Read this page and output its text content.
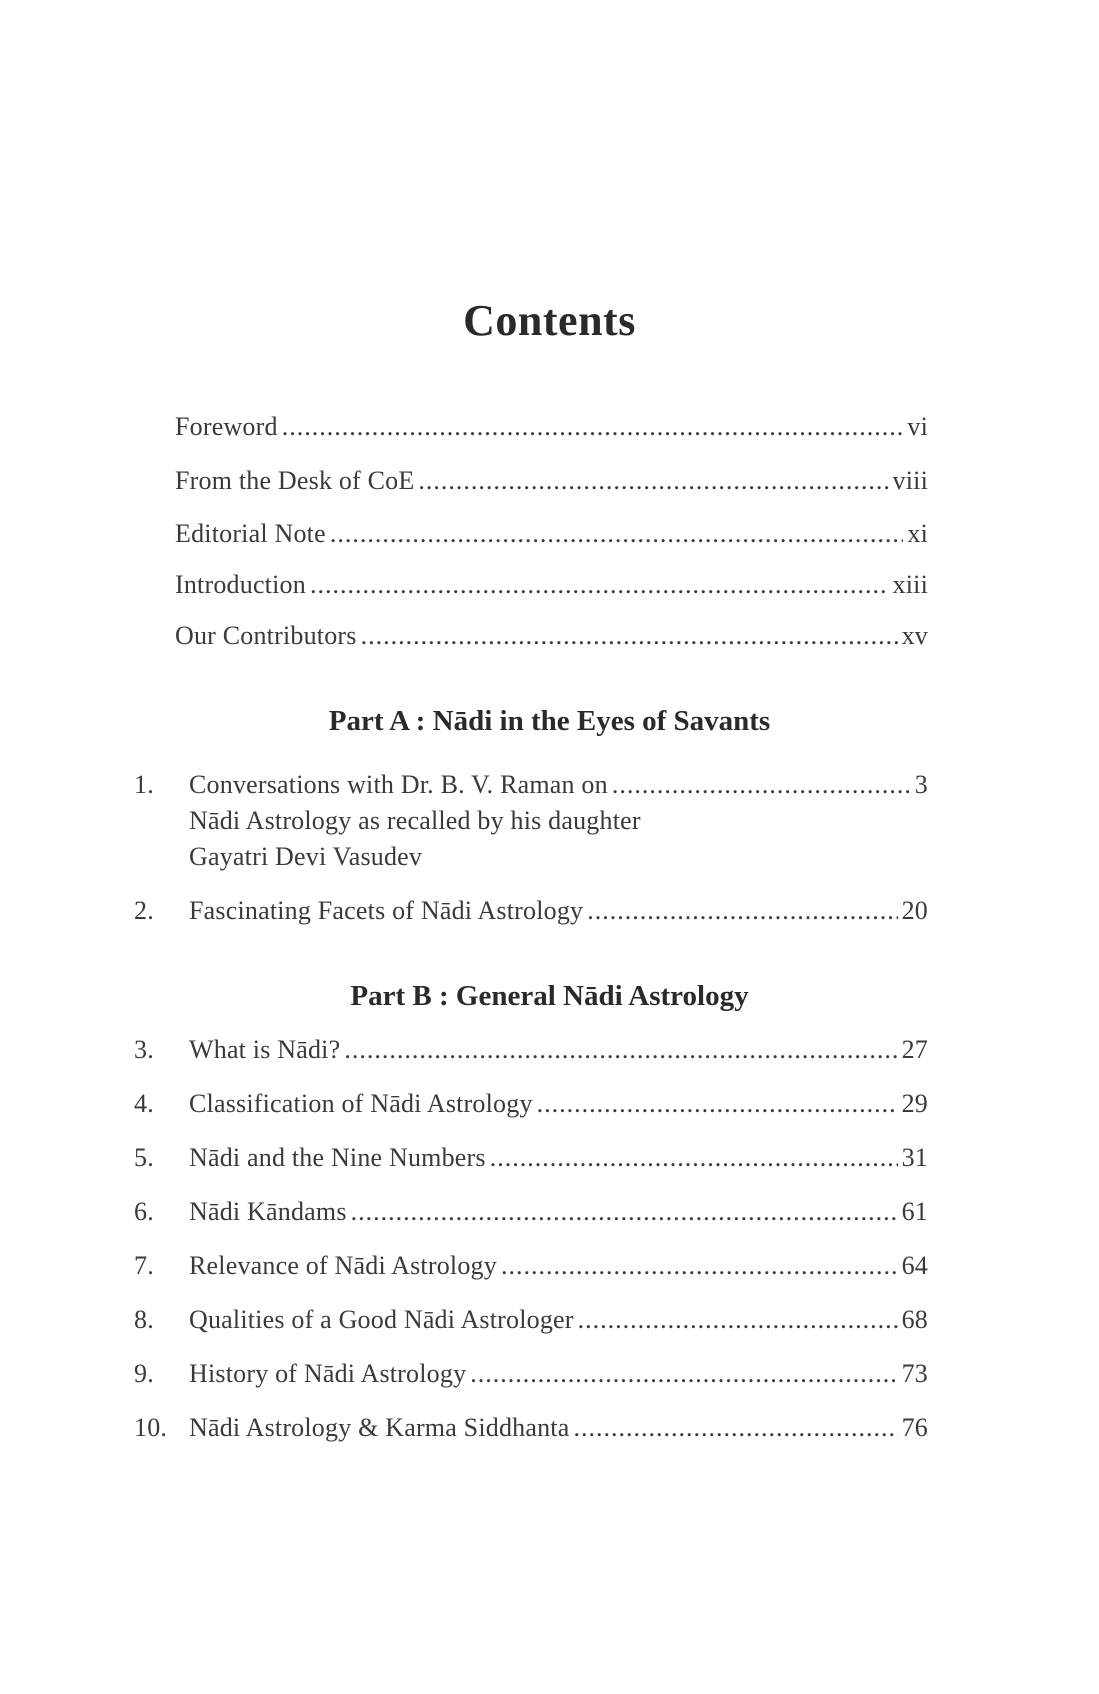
Contents
Foreword .....	vi
From the Desk of CoE .....	viii
Editorial Note .....	xi
Introduction .....	xiii
Our Contributors .....	xv
Part A : Nādi in the Eyes of Savants
1.	Conversations with Dr. B. V. Raman on .....	3
Nādi Astrology as recalled by his daughter
Gayatri Devi Vasudev
2.	Fascinating Facets of Nādi Astrology .....	20
Part B : General Nādi Astrology
3.	What is Nādi? .....	27
4.	Classification of Nādi Astrology .....	29
5.	Nādi and the Nine Numbers .....	31
6.	Nādi Kāndams .....	61
7.	Relevance of Nādi Astrology .....	64
8.	Qualities of a Good Nādi Astrologer .....	68
9.	History of Nādi Astrology .....	73
10. Nādi Astrology & Karma Siddhanta .....	76
